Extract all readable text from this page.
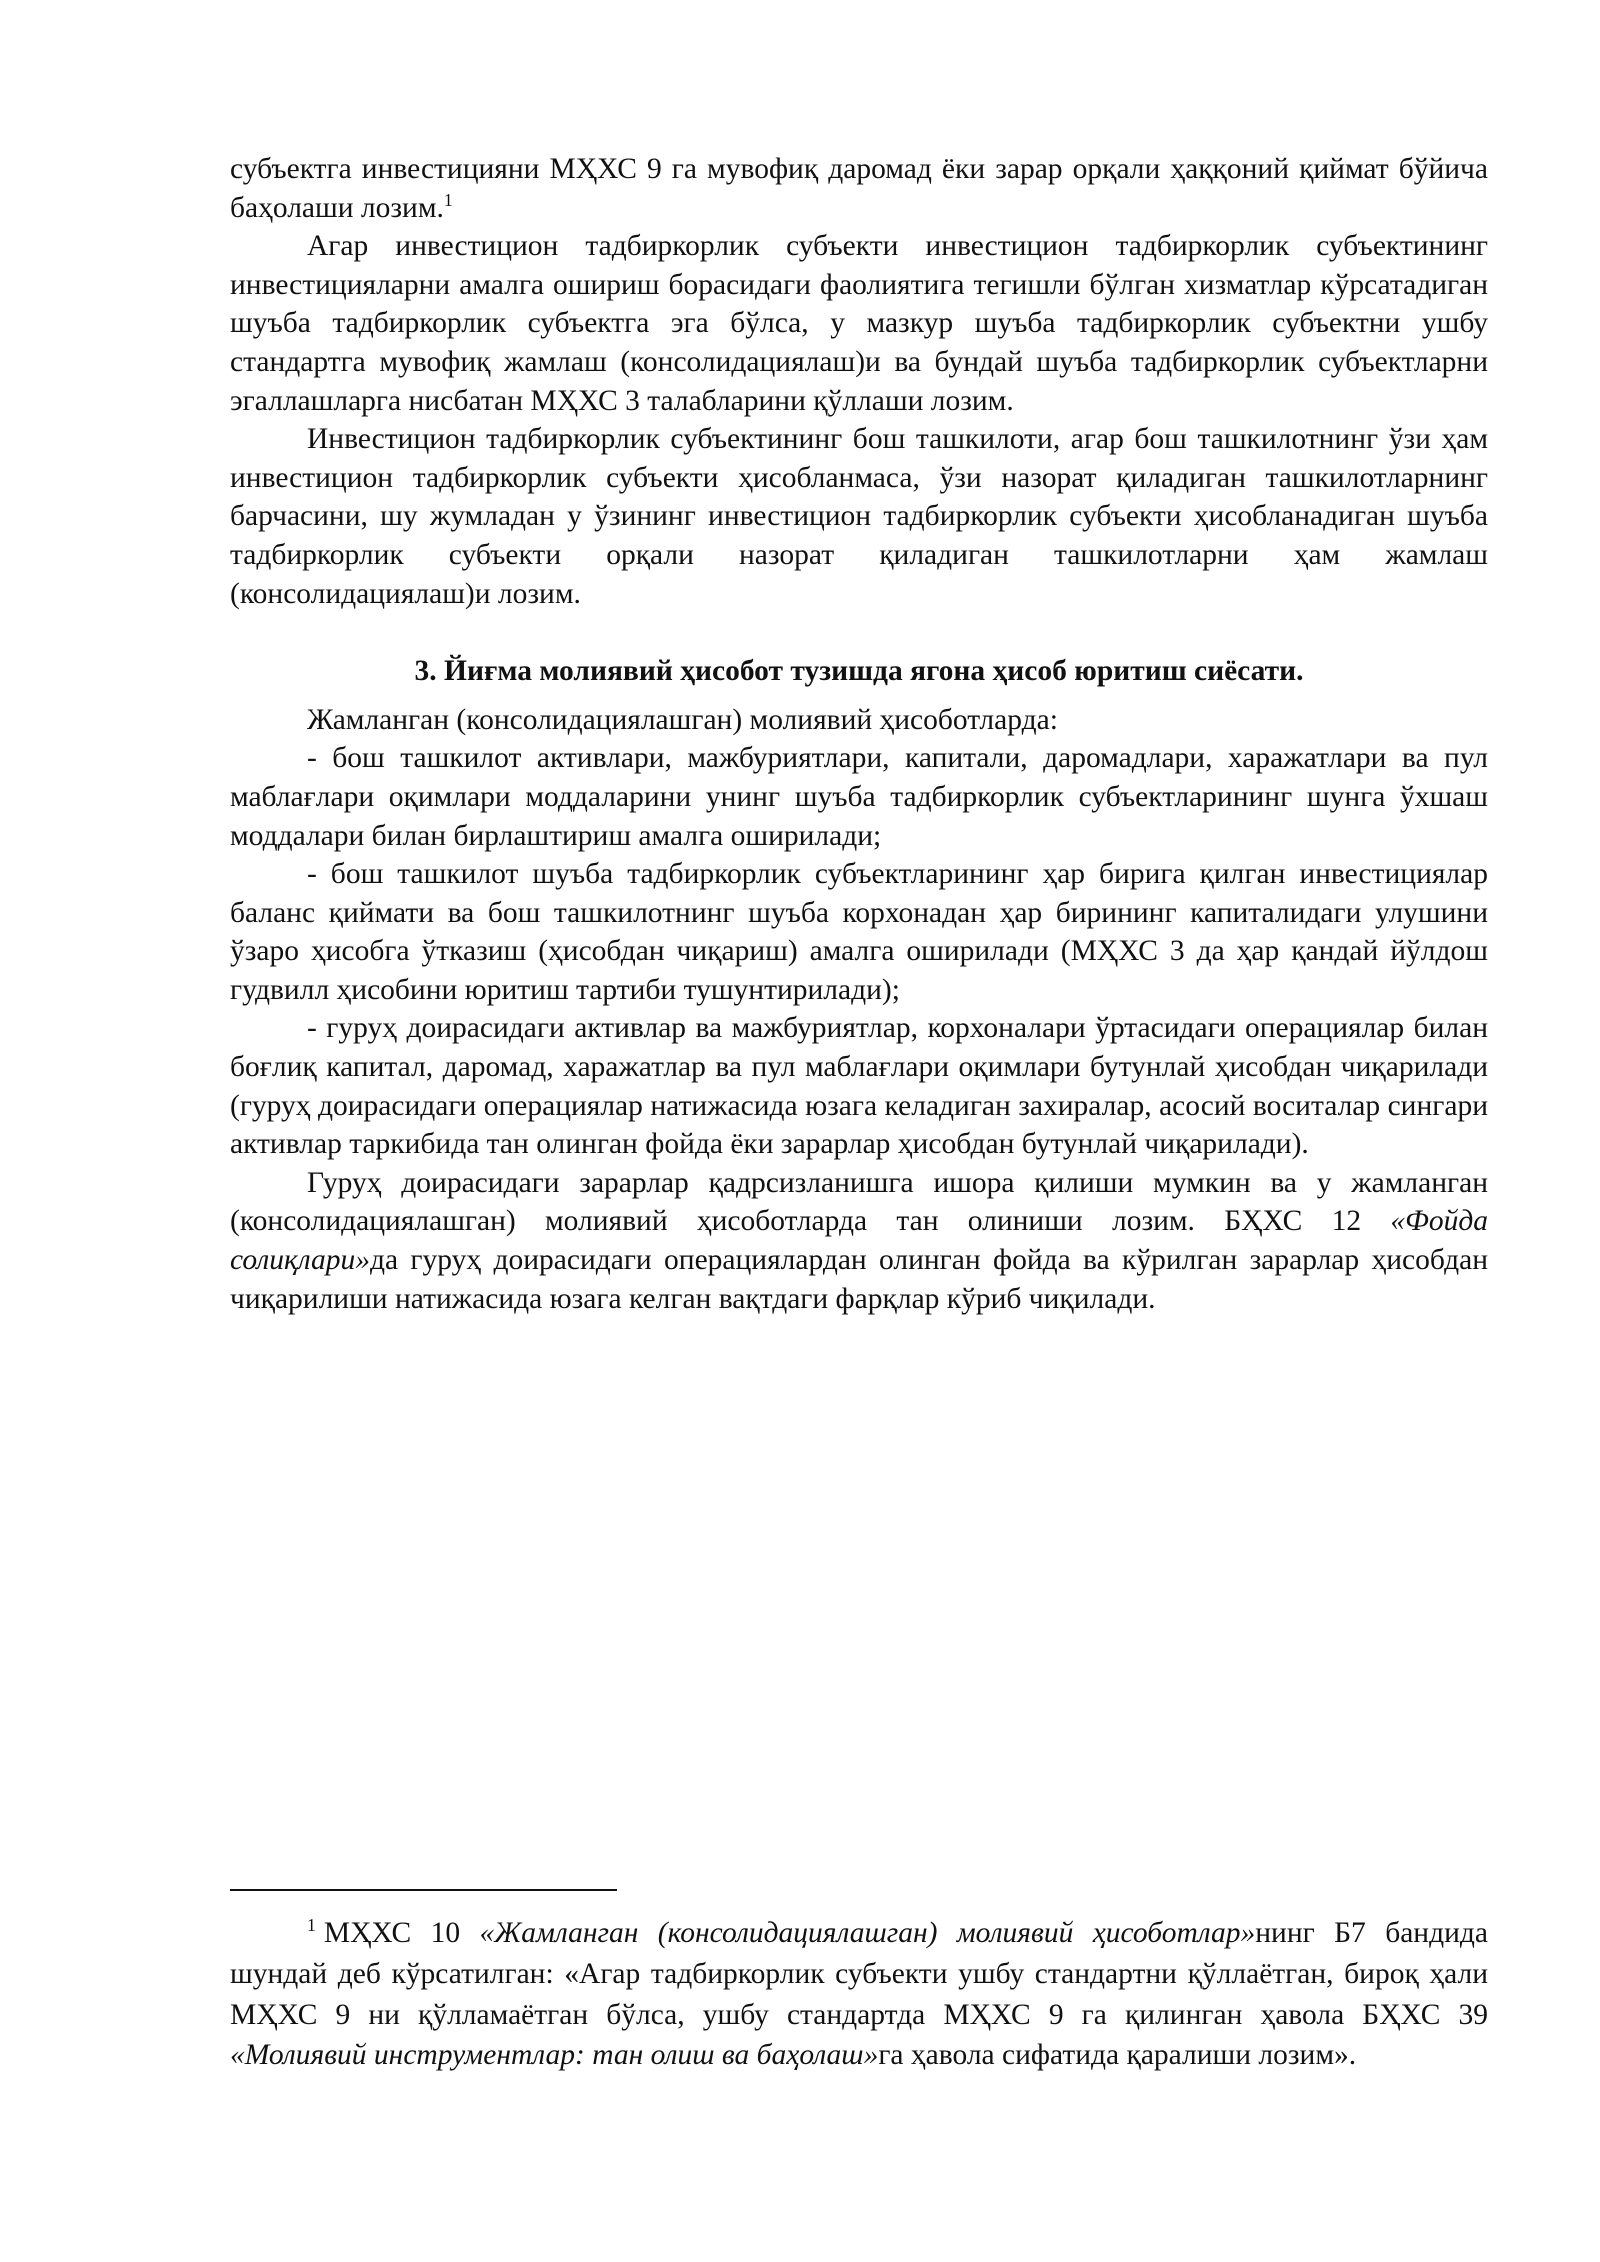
субъектга инвестицияни МҲХС 9 га мувофиқ даромад ёки зарар орқали ҳаққоний қиймат бўйича баҳолаши лозим.$^1$

Агар инвестицион тадбиркорлик субъекти инвестицион тадбиркорлик субъектининг инвестицияларни амалга ошириш борасидаги фаолиятига тегишли бўлган хизматлар кўрсатадиган шуъба тадбиркорлик субъектга эга бўлса, у мазкур шуъба тадбиркорлик субъектни ушбу стандартга мувофиқ жамлаш (консолидациялаш)и ва бундай шуъба тадбиркорлик субъектларни эгаллашларга нисбатан МҲХС 3 талабларини қўллаши лозим.

Инвестицион тадбиркорлик субъектининг бош ташкилоти, агар бош ташкилотнинг ўзи ҳам инвестицион тадбиркорлик субъекти ҳисобланмаса, ўзи назорат қиладиган ташкилотларнинг барчасини, шу жумладан у ўзининг инвестицион тадбиркорлик субъекти ҳисобланадиган шуъба тадбиркорлик субъекти орқали назорат қиладиган ташкилотларни ҳам жамлаш (консолидациялаш)и лозим.

3. Йиғма молиявий ҳисобот тузишда ягона ҳисоб юритиш сиёсати.

Жамланган (консолидациялашган) молиявий ҳисоботларда:

- бош ташкилот активлари, мажбуриятлари, капитали, даромадлари, харажатлари ва пул маблағлари оқимлари моддаларини унинг шуъба тадбиркорлик субъектларининг шунга ўхшаш моддалари билан бирлаштириш амалга оширилади;

- бош ташкилот шуъба тадбиркорлик субъектларининг ҳар бирига қилган инвестициялар баланс қиймати ва бош ташкилотнинг шуъба корхонадан ҳар бирининг капиталидаги улушини ўзаро ҳисобга ўтказиш (ҳисобдан чиқариш) амалга оширилади (МҲХС 3 да ҳар қандай йўлдош гудвилл ҳисобини юритиш тартиби тушунтирилади);

- гуруҳ доирасидаги активлар ва мажбуриятлар, корхоналари ўртасидаги операциялар билан боғлиқ капитал, даромад, харажатлар ва пул маблағлари оқимлари бутунлай ҳисобдан чиқарилади (гуруҳ доирасидаги операциялар натижасида юзага келадиган захиралар, асосий воситалар сингари активлар таркибида тан олинган фойда ёки зарарлар ҳисобдан бутунлай чиқарилади).

Гуруҳ доирасидаги зарарлар қадрсизланишга ишора қилиши мумкин ва у жамланган (консолидациялашган) молиявий ҳисоботларда тан олиниши лозим. БҲХС 12 «Фойда солиқлари»да гуруҳ доирасидаги операциялардан олинган фойда ва кўрилган зарарлар ҳисобдан чиқарилиши натижасида юзага келган вақтдаги фарқлар кўриб чиқилади.

$^1$ МҲХС 10 «Жамланган (консолидациялашган) молиявий ҳисоботлар»нинг Б7 бандида шундай деб кўрсатилган: «Агар тадбиркорлик субъекти ушбу стандартни қўллаётган, бироқ ҳали МҲХС 9 ни қўлламаётган бўлса, ушбу стандартда МҲХС 9 га қилинган ҳавола БҲХС 39 «Молиявий инструментлар: тан олиш ва баҳолаш»га ҳавола сифатида қаралиши лозим».
